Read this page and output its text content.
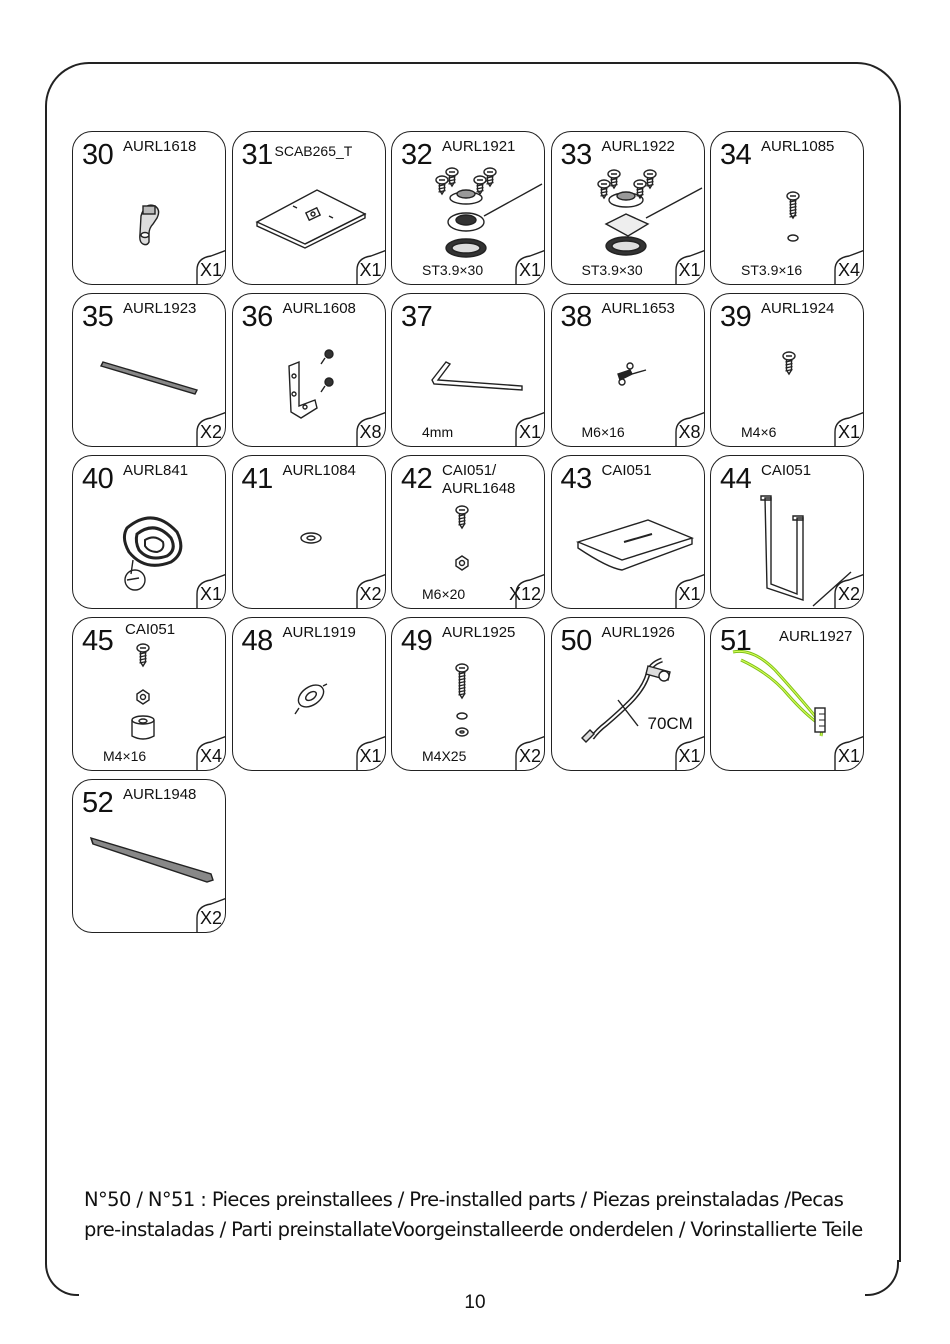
30 AURL1618
X1
31 SCAB265_T
X1
32 AURL1921
ST3.9×30 X1
33 AURL1922
ST3.9×30 X1
34 AURL1085
ST3.9×16 X4
35 AURL1923
X2
36 AURL1608
X8
37
4mm	X1
38 AURL1653
M6×16	X8
39 AURL1924
M4×6	X1
40 AURL841
X1
41 AURL1084
X2
42 CAI051/
AURL1648
M6×20 X12
43 CAI051
X1
44 CAI051
X2
45 CAI051
M4×16	X4
48 AURL1919
X1
49 AURL1925
M4X25	X2
50 AURL1926
70CM
X1
51 AURL1927
X1
52 AURL1948
X2
N°50 / N°51 : Pieces preinstallees / Pre-installed parts / Piezas preinstaladas /Pecas pre-instaladas / Parti preinstallateVoorgeinstalleerde onderdelen / Vorinstallierte Teile
10
